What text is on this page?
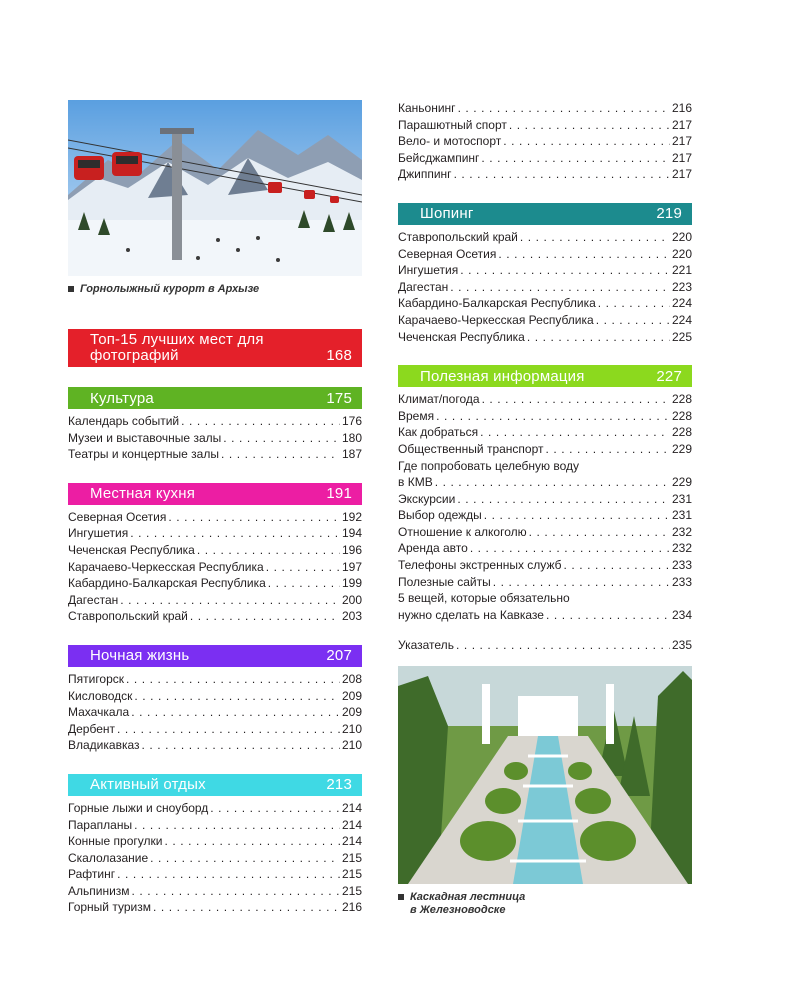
Горнолыжный курорт в Архызе
Топ-15 лучших мест для фотографий	168
Культура	175
Календарь событий . . .	176
Музеи и выставочные залы . . .	180
Театры и концертные залы . . .	187
Местная кухня	191
Северная Осетия . . .	192
Ингушетия . . .	194
Чеченская Республика . . .	196
Карачаево-Черкесская Республика . . .	197
Кабардино-Балкарская Республика . . .	199
Дагестан . . .	200
Ставропольский край . . .	203
Ночная жизнь	207
Пятигорск . . .	208
Кисловодск . . .	209
Махачкала . . .	209
Дербент . . .	210
Владикавказ . . .	210
Активный отдых	213
Горные лыжи и сноуборд . . .	214
Парапланы . . .	214
Конные прогулки . . .	214
Скалолазание . . .	215
Рафтинг . . .	215
Альпинизм . . .	215
Горный туризм . . .	216
Каньонинг . . .	216
Парашютный спорт . . .	217
Вело- и мотоспорт . . .	217
Бейсджампинг . . .	217
Джиппинг . . .	217
Шопинг	219
Ставропольский край . . .	220
Северная Осетия . . .	220
Ингушетия . . .	221
Дагестан . . .	223
Кабардино-Балкарская Республика . . .	224
Карачаево-Черкесская Республика . . .	224
Чеченская Республика . . .	225
Полезная информация	227
Климат/погода . . .	228
Время . . .	228
Как добраться . . .	228
Общественный транспорт . . .	229
Где попробовать целебную воду
в КМВ . . .	229
Экскурсии . . .	231
Выбор одежды . . .	231
Отношение к алкоголю . . .	232
Аренда авто . . .	232
Телефоны экстренных служб . . .	233
Полезные сайты . . .	233
5 вещей, которые обязательно
нужно сделать на Кавказе . . .	234
Указатель . . .	235
Каскадная лестница
в Железноводске
